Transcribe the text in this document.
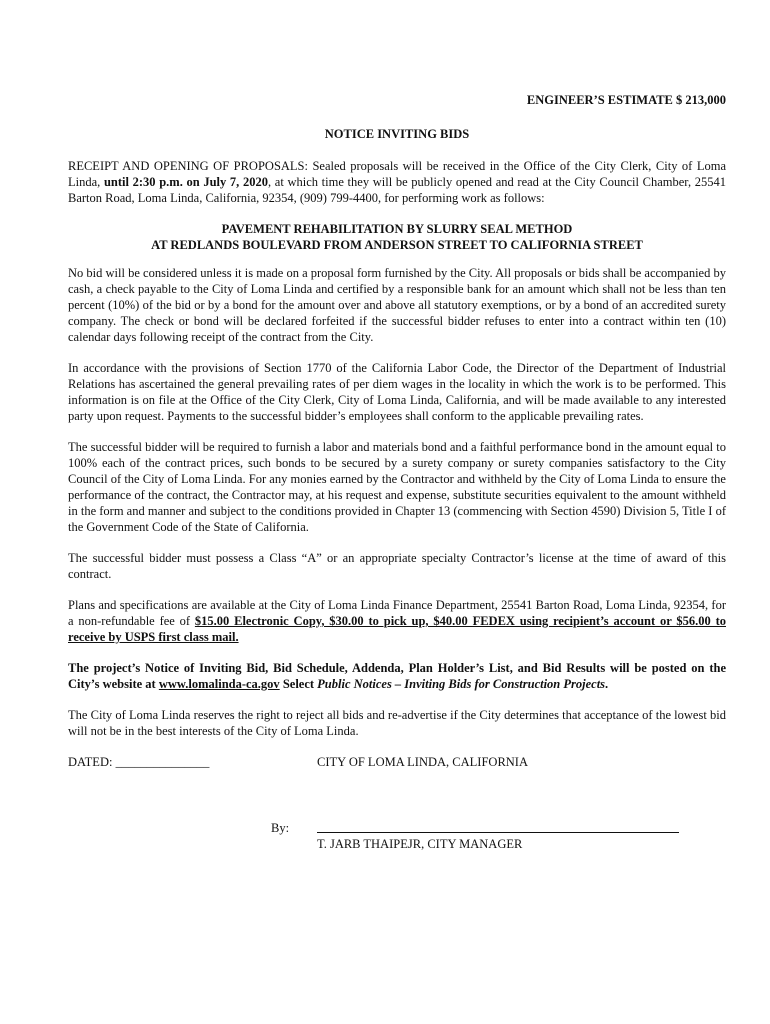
ENGINEER’S ESTIMATE $ 213,000
NOTICE INVITING BIDS

RECEIPT AND OPENING OF PROPOSALS: Sealed proposals will be received in the Office of the City Clerk, City of Loma Linda, until 2:30 p.m. on July 7, 2020, at which time they will be publicly opened and read at the City Council Chamber, 25541 Barton Road, Loma Linda, California, 92354, (909) 799-4400, for performing work as follows:

PAVEMENT REHABILITATION BY SLURRY SEAL METHOD
AT REDLANDS BOULEVARD FROM ANDERSON STREET TO CALIFORNIA STREET

No bid will be considered unless it is made on a proposal form furnished by the City. All proposals or bids shall be accompanied by cash, a check payable to the City of Loma Linda and certified by a responsible bank for an amount which shall not be less than ten percent (10%) of the bid or by a bond for the amount over and above all statutory exemptions, or by a bond of an accredited surety company. The check or bond will be declared forfeited if the successful bidder refuses to enter into a contract within ten (10) calendar days following receipt of the contract from the City.

In accordance with the provisions of Section 1770 of the California Labor Code, the Director of the Department of Industrial Relations has ascertained the general prevailing rates of per diem wages in the locality in which the work is to be performed. This information is on file at the Office of the City Clerk, City of Loma Linda, California, and will be made available to any interested party upon request. Payments to the successful bidder’s employees shall conform to the applicable prevailing rates.

The successful bidder will be required to furnish a labor and materials bond and a faithful performance bond in the amount equal to 100% each of the contract prices, such bonds to be secured by a surety company or surety companies satisfactory to the City Council of the City of Loma Linda. For any monies earned by the Contractor and withheld by the City of Loma Linda to ensure the performance of the contract, the Contractor may, at his request and expense, substitute securities equivalent to the amount withheld in the form and manner and subject to the conditions provided in Chapter 13 (commencing with Section 4590) Division 5, Title I of the Government Code of the State of California.

The successful bidder must possess a Class “A” or an appropriate specialty Contractor’s license at the time of award of this contract.

Plans and specifications are available at the City of Loma Linda Finance Department, 25541 Barton Road, Loma Linda, 92354, for a non-refundable fee of $15.00 Electronic Copy, $30.00 to pick up, $40.00 FEDEX using recipient’s account or $56.00 to receive by USPS first class mail.

The project’s Notice of Inviting Bid, Bid Schedule, Addenda, Plan Holder’s List, and Bid Results will be posted on the City’s website at www.lomalinda-ca.gov Select Public Notices – Inviting Bids for Construction Projects.

The City of Loma Linda reserves the right to reject all bids and re-advertise if the City determines that acceptance of the lowest bid will not be in the best interests of the City of Loma Linda.

DATED: _______________	CITY OF LOMA LINDA, CALIFORNIA
By:
T. JARB THAIPEJR, CITY MANAGER
